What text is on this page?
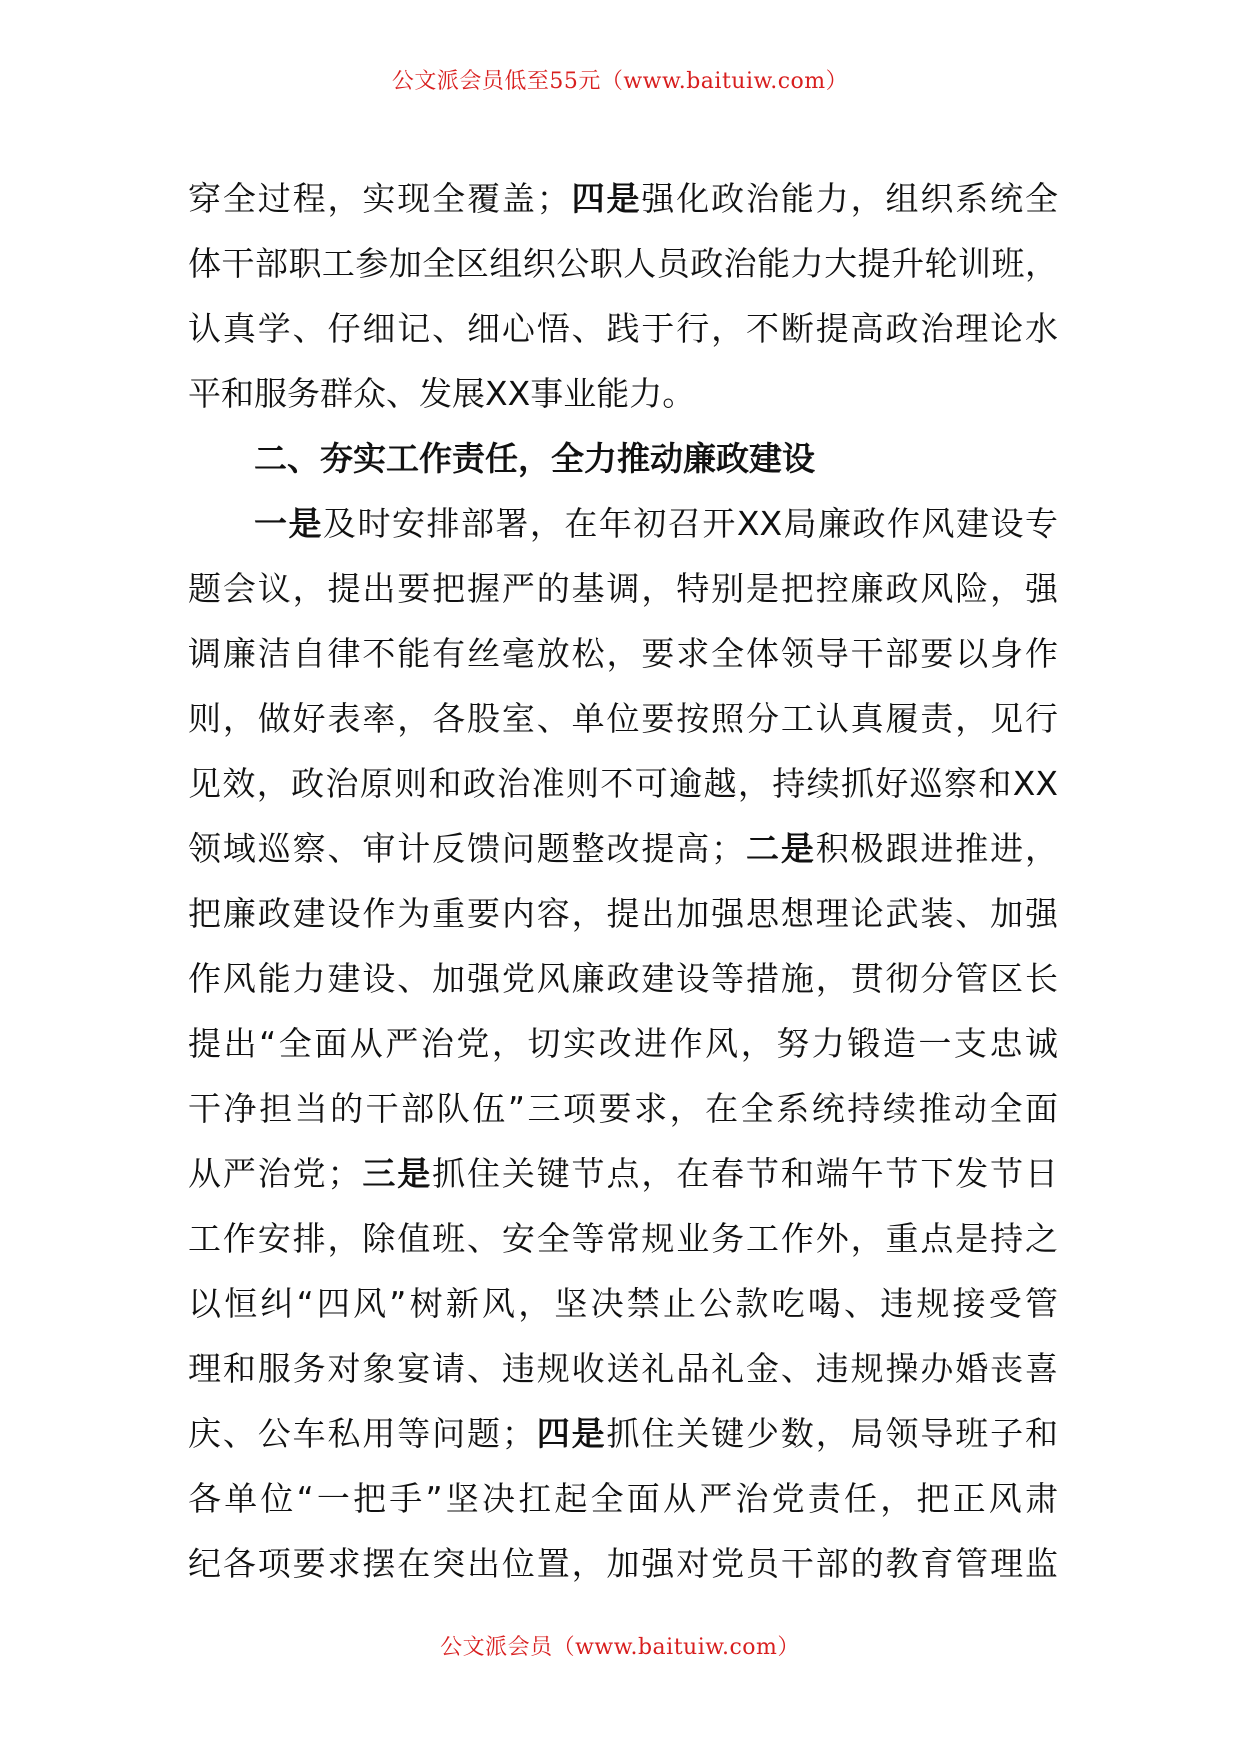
公文派会员低至55元（www.baituiw.com）
穿全过程，实现全覆盖；四是强化政治能力，组织系统全
体干部职工参加全区组织公职人员政治能力大提升轮训班，
认真学、仔细记、细心悟、践于行，不断提高政治理论水
平和服务群众、发展XX事业能力。
二、夯实工作责任，全力推动廉政建设
一是及时安排部署，在年初召开XX局廉政作风建设专
题会议，提出要把握严的基调，特别是把控廉政风险，强
调廉洁自律不能有丝毫放松，要求全体领导干部要以身作
则，做好表率，各股室、单位要按照分工认真履责，见行
见效，政治原则和政治准则不可逾越，持续抓好巡察和XX
领域巡察、审计反馈问题整改提高；二是积极跟进推进，
把廉政建设作为重要内容，提出加强思想理论武装、加强
作风能力建设、加强党风廉政建设等措施，贯彻分管区长
提出“全面从严治党，切实改进作风，努力锻造一支忠诚
干净担当的干部队伍”三项要求，在全系统持续推动全面
从严治党；三是抓住关键节点，在春节和端午节下发节日
工作安排，除值班、安全等常规业务工作外，重点是持之
以恒纠“四风”树新风，坚决禁止公款吃喝、违规接受管
理和服务对象宴请、违规收送礼品礼金、违规操办婚丧喜
庆、公车私用等问题；四是抓住关键少数，局领导班子和
各单位“一把手”坚决扛起全面从严治党责任，把正风肃
纪各项要求摆在突出位置，加强对党员干部的教育管理监
公文派会员（www.baituiw.com）
